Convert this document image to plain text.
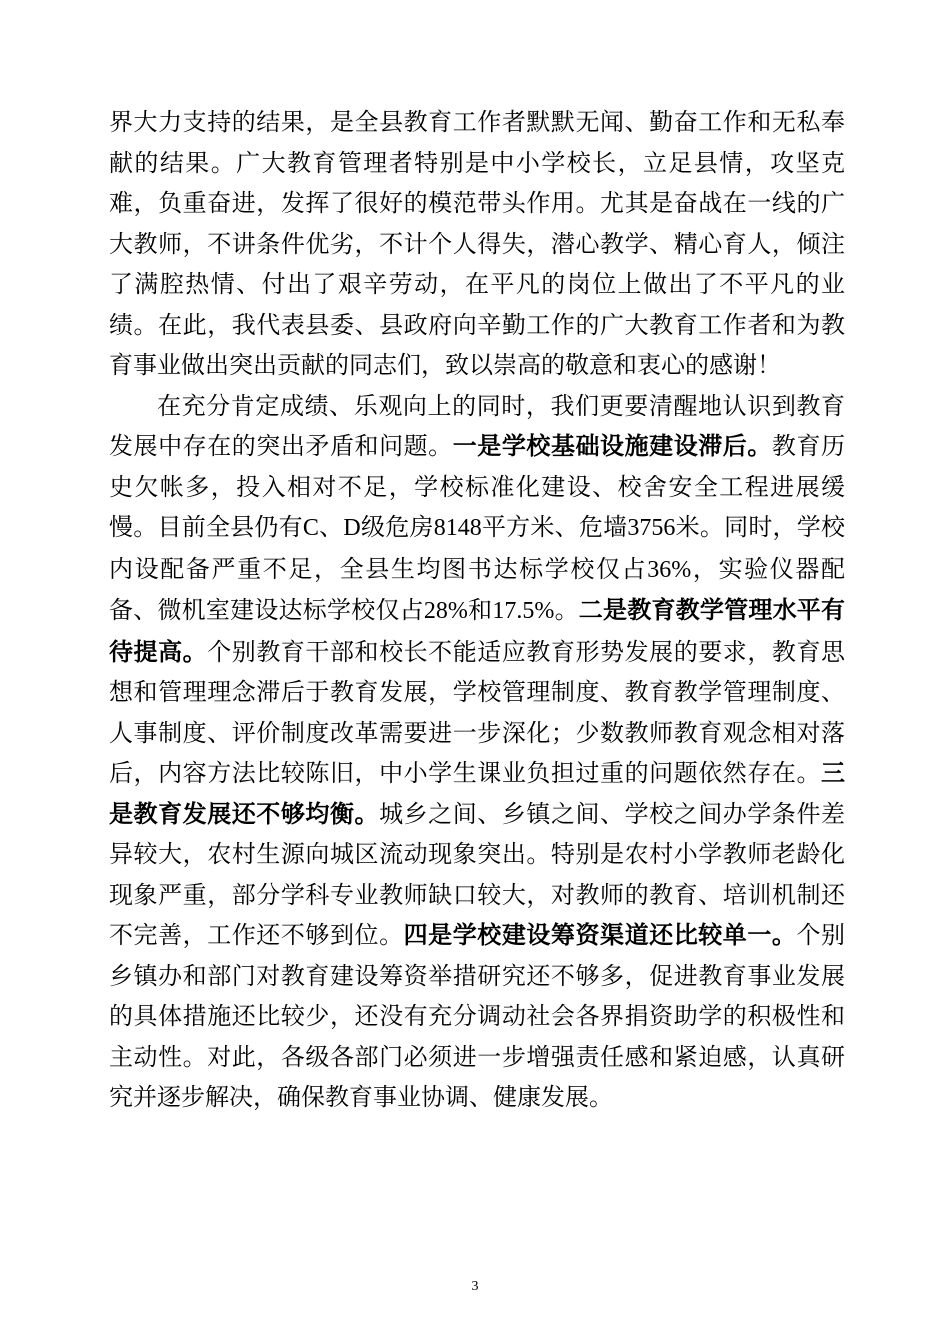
界大力支持的结果，是全县教育工作者默默无闻、勤奋工作和无私奉献的结果。广大教育管理者特别是中小学校长，立足县情，攻坚克难，负重奋进，发挥了很好的模范带头作用。尤其是奋战在一线的广大教师，不讲条件优劣，不计个人得失，潜心教学、精心育人，倾注了满腔热情、付出了艰辛劳动，在平凡的岗位上做出了不平凡的业绩。在此，我代表县委、县政府向辛勤工作的广大教育工作者和为教育事业做出突出贡献的同志们，致以崇高的敬意和衷心的感谢！

在充分肯定成绩、乐观向上的同时，我们更要清醒地认识到教育发展中存在的突出矛盾和问题。一是学校基础设施建设滞后。教育历史欠帐多，投入相对不足，学校标准化建设、校舍安全工程进展缓慢。目前全县仍有C、D级危房8148平方米、危墙3756米。同时，学校内设配备严重不足，全县生均图书达标学校仅占36%，实验仪器配备、微机室建设达标学校仅占28%和17.5%。二是教育教学管理水平有待提高。个别教育干部和校长不能适应教育形势发展的要求，教育思想和管理理念滞后于教育发展，学校管理制度、教育教学管理制度、人事制度、评价制度改革需要进一步深化；少数教师教育观念相对落后，内容方法比较陈旧，中小学生课业负担过重的问题依然存在。三是教育发展还不够均衡。城乡之间、乡镇之间、学校之间办学条件差异较大，农村生源向城区流动现象突出。特别是农村小学教师老龄化现象严重，部分学科专业教师缺口较大，对教师的教育、培训机制还不完善，工作还不够到位。四是学校建设筹资渠道还比较单一。个别乡镇办和部门对教育建设筹资举措研究还不够多，促进教育事业发展的具体措施还比较少，还没有充分调动社会各界捐资助学的积极性和主动性。对此，各级各部门必须进一步增强责任感和紧迫感，认真研究并逐步解决，确保教育事业协调、健康发展。

3
